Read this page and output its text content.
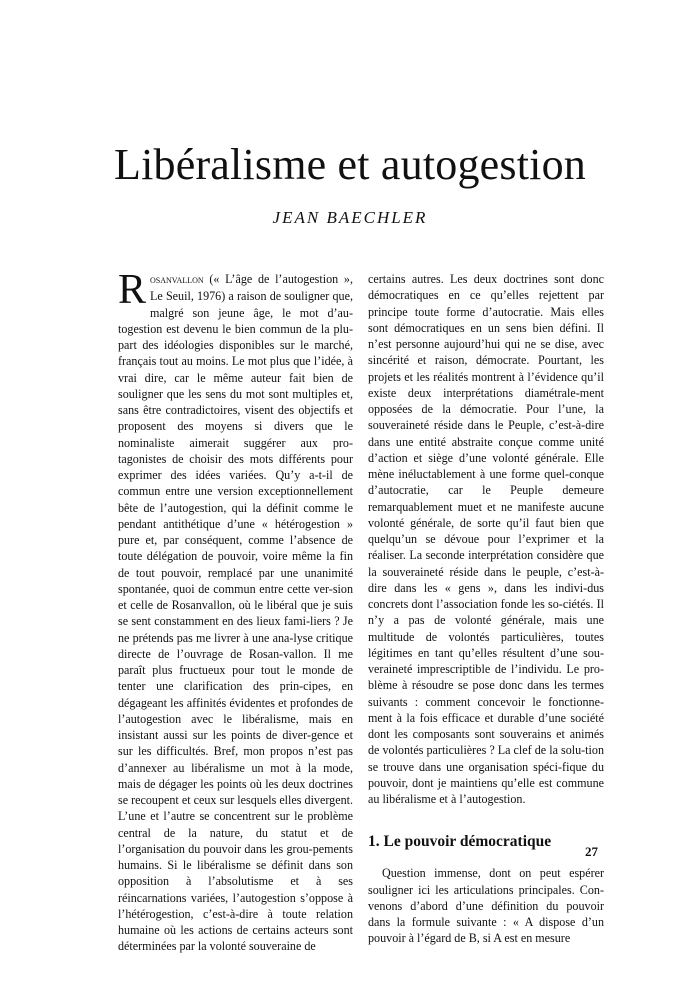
Libéralisme et autogestion
JEAN BAECHLER

Rosanvallon (« L’âge de l’autogestion », Le Seuil, 1976) a raison de souligner que, malgré son jeune âge, le mot d’au-togestion est devenu le bien commun de la plu-part des idéologies disponibles sur le marché, français tout au moins. Le mot plus que l’idée, à vrai dire, car le même auteur fait bien de souligner que les sens du mot sont multiples et, sans être contradictoires, visent des objectifs et proposent des moyens si divers que le nominaliste aimerait suggérer aux pro-tagonistes de choisir des mots différents pour exprimer des idées variées. Qu’y a-t-il de commun entre une version exceptionnellement bête de l’autogestion, qui la définit comme le pendant antithétique d’une « hétérogestion » pure et, par conséquent, comme l’absence de toute délégation de pouvoir, voire même la fin de tout pouvoir, remplacé par une unanimité spontanée, quoi de commun entre cette ver-sion et celle de Rosanvallon, où le libéral que je suis se sent constamment en des lieux fami-liers ? Je ne prétends pas me livrer à une ana-lyse critique directe de l’ouvrage de Rosan-vallon. Il me paraît plus fructueux pour tout le monde de tenter une clarification des prin-cipes, en dégageant les affinités évidentes et profondes de l’autogestion avec le libéralisme, mais en insistant aussi sur les points de diver-gence et sur les difficultés. Bref, mon propos n’est pas d’annexer au libéralisme un mot à la mode, mais de dégager les points où les deux doctrines se recoupent et ceux sur lesquels elles divergent. L’une et l’autre se concentrent sur le problème central de la nature, du statut et de l’organisation du pouvoir dans les grou-pements humains. Si le libéralisme se définit dans son opposition à l’absolutisme et à ses réincarnations variées, l’autogestion s’oppose à l’hétérogestion, c’est-à-dire à toute relation humaine où les actions de certains acteurs sont déterminées par la volonté souveraine de

certains autres. Les deux doctrines sont donc démocratiques en ce qu’elles rejettent par principe toute forme d’autocratie. Mais elles sont démocratiques en un sens bien défini. Il n’est personne aujourd’hui qui ne se dise, avec sincérité et raison, démocrate. Pourtant, les projets et les réalités montrent à l’évidence qu’il existe deux interprétations diamétrale-ment opposées de la démocratie. Pour l’une, la souveraineté réside dans le Peuple, c’est-à-dire dans une entité abstraite conçue comme unité d’action et siège d’une volonté générale. Elle mène inéluctablement à une forme quel-conque d’autocratie, car le Peuple demeure remarquablement muet et ne manifeste aucune volonté générale, de sorte qu’il faut bien que quelqu’un se dévoue pour l’exprimer et la réaliser. La seconde interprétation considère que la souveraineté réside dans le peuple, c’est-à-dire dans les « gens », dans les indivi-dus concrets dont l’association fonde les so-ciétés. Il n’y a pas de volonté générale, mais une multitude de volontés particulières, toutes légitimes en tant qu’elles résultent d’une sou-veraineté imprescriptible de l’individu. Le pro-blème à résoudre se pose donc dans les termes suivants : comment concevoir le fonctionne-ment à la fois efficace et durable d’une société dont les composants sont souverains et animés de volontés particulières ? La clef de la solu-tion se trouve dans une organisation spéci-fique du pouvoir, dont je maintiens qu’elle est commune au libéralisme et à l’autogestion.

1. Le pouvoir démocratique

Question immense, dont on peut espérer souligner ici les articulations principales. Con-venons d’abord d’une définition du pouvoir dans la formule suivante : « A dispose d’un pouvoir à l’égard de B, si A est en mesure

27
